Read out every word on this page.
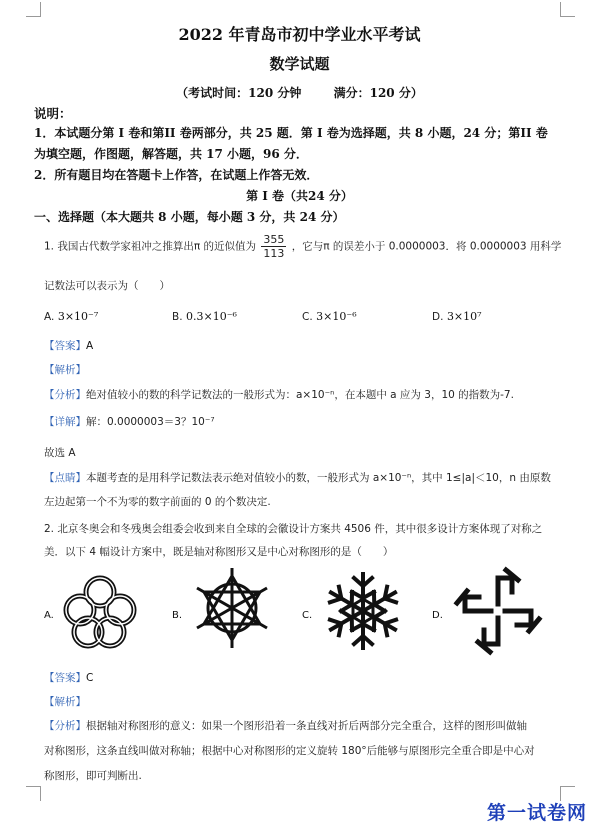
2022 年青岛市初中学业水平考试
数学试题
（考试时间：120 分钟	满分：120 分）
说明：
1．本试题分第 I 卷和第II 卷两部分，共 25 题．第 I 卷为选择题，共 8 小题，24 分；第II 卷
为填空题，作图题，解答题，共 17 小题，96 分．
2．所有题目均在答题卡上作答，在试题上作答无效．
第 I 卷（共24 分）
一、选择题（本大题共 8 小题，每小题 3 分，共 24 分）
1. 我国古代数学家祖冲之推算出π 的近似值为 $\frac{355}{113}$ ，它与π 的误差小于 0.0000003．将 0.0000003 用科学
记数法可以表示为（　　）
A. 3×10⁻⁷	B. 0.3×10⁻⁶	C. 3×10⁻⁶	D. 3×10⁷
【答案】A
【解析】
【分析】绝对值较小的数的科学记数法的一般形式为：a×10⁻ⁿ，在本题中 a 应为 3，10 的指数为-7.
【详解】解：0.0000003＝3？10⁻⁷
故选 A
【点睛】本题考查的是用科学记数法表示绝对值较小的数，一般形式为 a×10⁻ⁿ，其中 1≤|a|＜10，n 由原数
左边起第一个不为零的数字前面的 0 的个数决定.
2. 北京冬奥会和冬残奥会组委会收到来自全球的会徽设计方案共 4506 件，其中很多设计方案体现了对称之
美．以下 4 幅设计方案中，既是轴对称图形又是中心对称图形的是（　　）
A.	B.	C.	D.
【答案】C
【解析】
【分析】根据轴对称图形的意义：如果一个图形沿着一条直线对折后两部分完全重合，这样的图形叫做轴
对称图形，这条直线叫做对称轴；根据中心对称图形的定义旋转 180°后能够与原图形完全重合即是中心对
称图形，即可判断出.
第一试卷网
